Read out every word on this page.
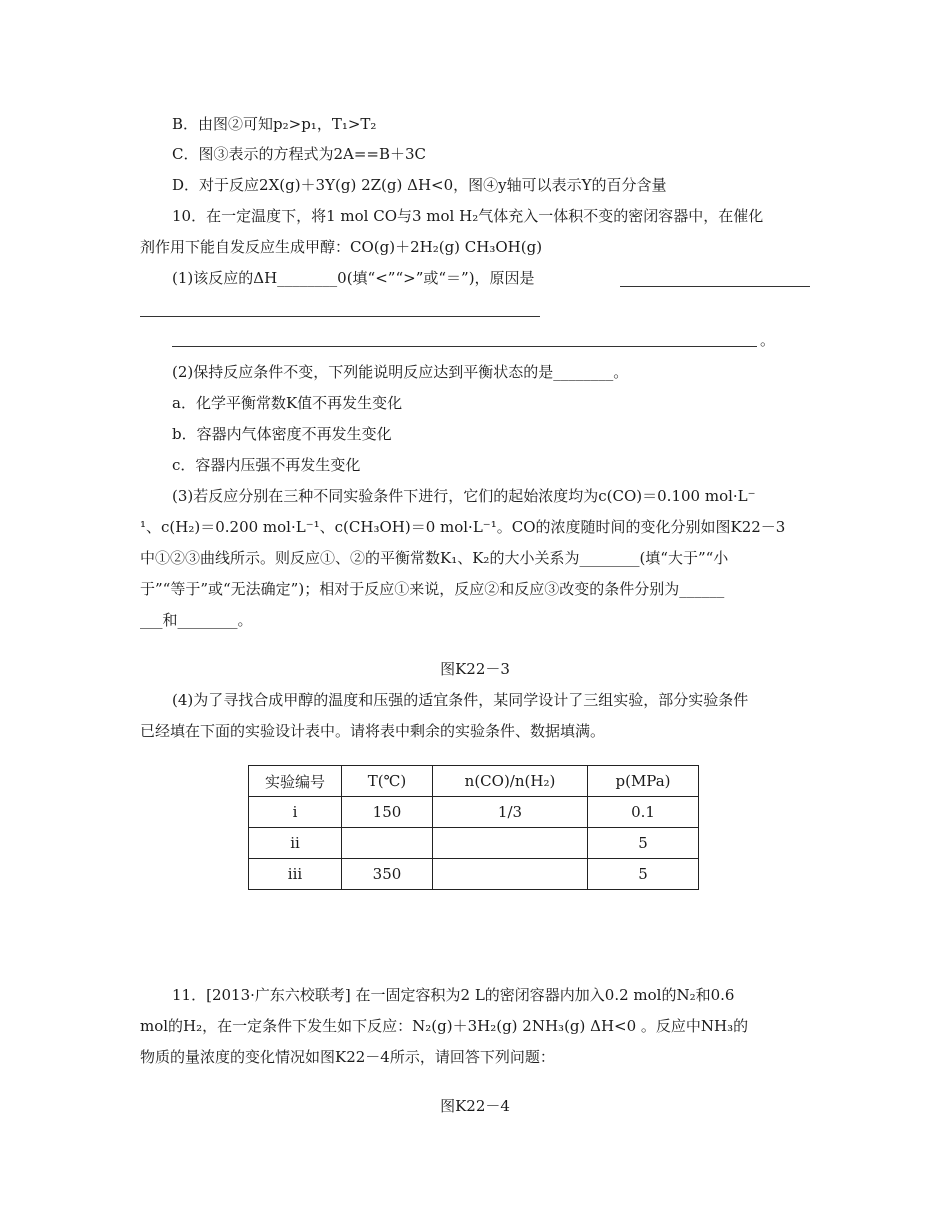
B．由图②可知p₂>p₁，T₁>T₂
C．图③表示的方程式为2A==B＋3C
D．对于反应2X(g)＋3Y(g) 2Z(g) ΔH<0，图④y轴可以表示Y的百分含量
10．在一定温度下，将1 mol CO与3 mol H₂气体充入一体积不变的密闭容器中，在催化
剂作用下能自发反应生成甲醇：CO(g)＋2H₂(g) CH₃OH(g)
(1)该反应的ΔH________0(填“<”“>”或“＝”)，原因是
。
(2)保持反应条件不变，下列能说明反应达到平衡状态的是________。
a．化学平衡常数K值不再发生变化
b．容器内气体密度不再发生变化
c．容器内压强不再发生变化
(3)若反应分别在三种不同实验条件下进行，它们的起始浓度均为c(CO)＝0.100 mol·L⁻
¹、c(H₂)＝0.200 mol·L⁻¹、c(CH₃OH)＝0 mol·L⁻¹。CO的浓度随时间的变化分别如图K22－3
中①②③曲线所示。则反应①、②的平衡常数K₁、K₂的大小关系为________(填“大于”“小
于”“等于”或“无法确定”)；相对于反应①来说，反应②和反应③改变的条件分别为______
___和________。
图K22－3
(4)为了寻找合成甲醇的温度和压强的适宜条件，某同学设计了三组实验，部分实验条件
已经填在下面的实验设计表中。请将表中剩余的实验条件、数据填满。
实验编号	T(℃)	n(CO)/n(H₂)	p(MPa)
i	150	1/3	0.1
ii			5
iii	350		5
11．[2013·广东六校联考] 在一固定容积为2 L的密闭容器内加入0.2 mol的N₂和0.6
mol的H₂，在一定条件下发生如下反应：N₂(g)＋3H₂(g) 2NH₃(g) ΔH<0 。反应中NH₃的
物质的量浓度的变化情况如图K22－4所示，请回答下列问题：
图K22－4
